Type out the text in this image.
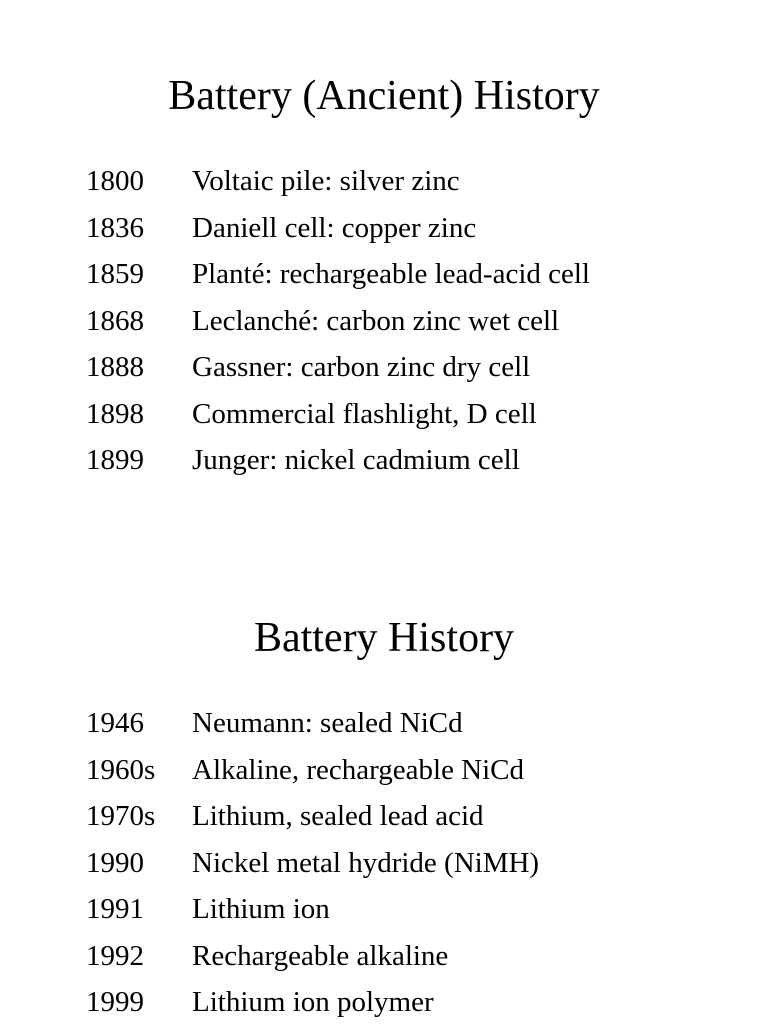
Battery (Ancient) History
1800 Voltaic pile: silver zinc
1836 Daniell cell: copper zinc
1859 Planté: rechargeable lead-acid cell
1868 Leclanché: carbon zinc wet cell
1888 Gassner: carbon zinc dry cell
1898 Commercial flashlight, D cell
1899 Junger: nickel cadmium cell
Battery History
1946 Neumann: sealed NiCd
1960s Alkaline, rechargeable NiCd
1970s Lithium, sealed lead acid
1990 Nickel metal hydride (NiMH)
1991 Lithium ion
1992 Rechargeable alkaline
1999 Lithium ion polymer
